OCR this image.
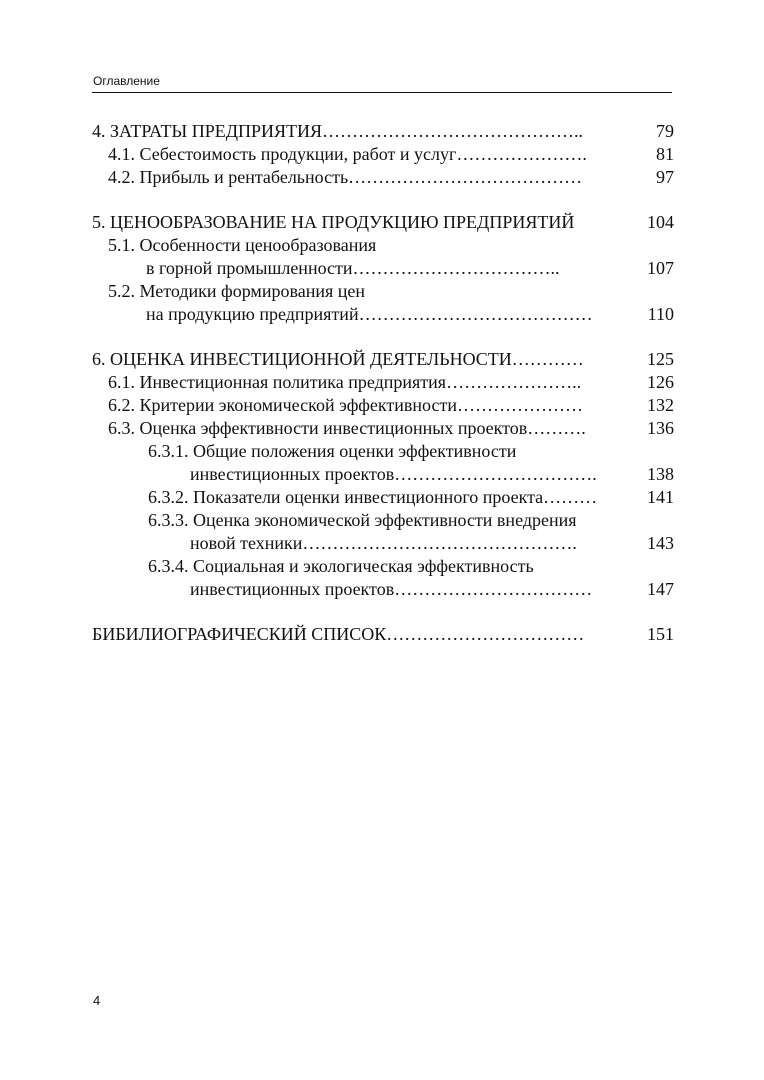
Оглавление
4. ЗАТРАТЫ ПРЕДПРИЯТИЯ……………………………………..	79
4.1. Себестоимость продукции, работ и услуг………………….	81
4.2. Прибыль и рентабельность…………………………………	97
5. ЦЕНООБРАЗОВАНИЕ НА ПРОДУКЦИЮ ПРЕДПРИЯТИЙ	104
5.1. Особенности ценообразования
в горной промышленности……………………………..	107
5.2. Методики формирования цен
на продукцию предприятий…………………………………	110
6. ОЦЕНКА ИНВЕСТИЦИОННОЙ ДЕЯТЕЛЬНОСТИ…………	125
6.1. Инвестиционная политика предприятия…………………..	126
6.2. Критерии экономической эффективности…………………	132
6.3. Оценка эффективности инвестиционных проектов……….	136
6.3.1. Общие положения оценки эффективности
инвестиционных проектов…………………………….	138
6.3.2. Показатели оценки инвестиционного проекта………	141
6.3.3. Оценка экономической эффективности внедрения
новой техники……………………………………….	143
6.3.4. Социальная и экологическая эффективность
инвестиционных проектов……………………………	147
БИБИЛИОГРАФИЧЕСКИЙ СПИСОК……………………………	151
4
